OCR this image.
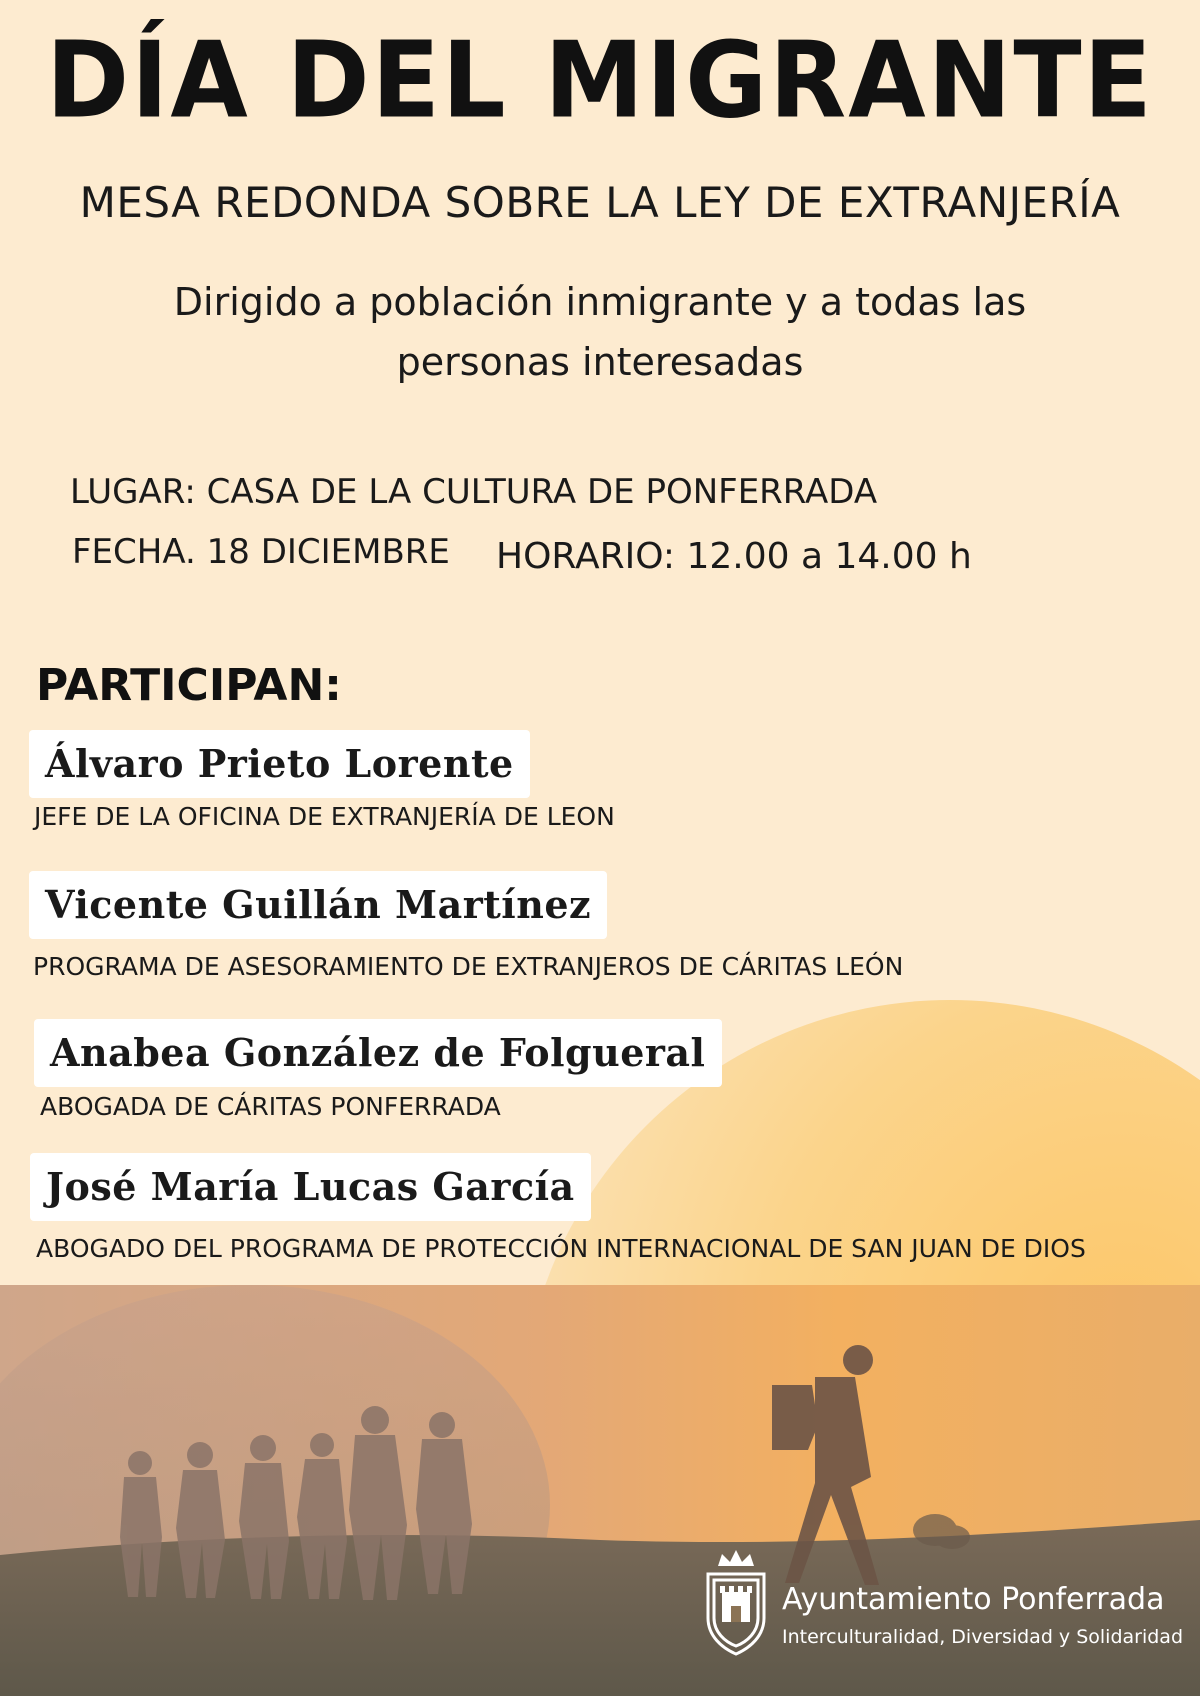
DÍA DEL MIGRANTE
MESA REDONDA SOBRE LA LEY DE EXTRANJERÍA
Dirigido a población inmigrante y a todas las
personas interesadas
LUGAR: CASA DE LA CULTURA DE PONFERRADA
FECHA. 18 DICIEMBRE HORARIO: 12.00 a 14.00 h
PARTICIPAN:
Álvaro Prieto Lorente
JEFE DE LA OFICINA DE EXTRANJERÍA DE LEON
Vicente Guillán Martínez
PROGRAMA DE ASESORAMIENTO DE EXTRANJEROS DE CÁRITAS LEÓN
Anabea González de Folgueral
ABOGADA DE CÁRITAS PONFERRADA
José María Lucas García
ABOGADO DEL PROGRAMA DE PROTECCIÓN INTERNACIONAL DE SAN JUAN DE DIOS
Ayuntamiento Ponferrada
Interculturalidad, Diversidad y Solidaridad
